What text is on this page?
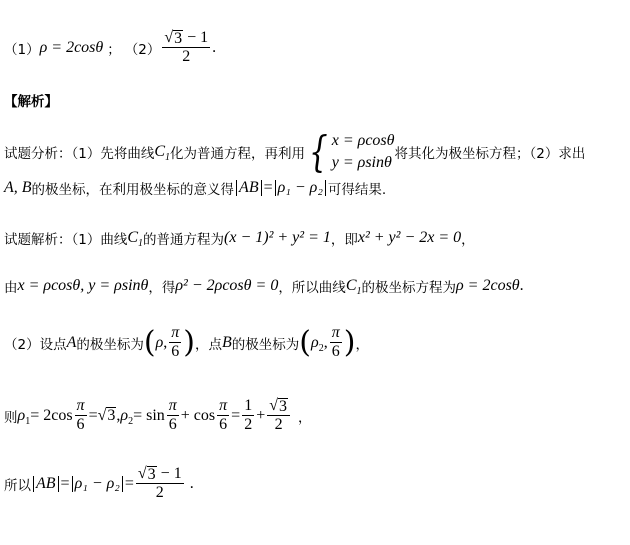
（1） ρ = 2cosθ ； $(2) \frac{√ 3 - 1}{2}$ .
【解析】
试题分析：（1）先将曲线 $C_1$ 化为普通方程，再利用 { x = ρcosθ
y = ρsinθ 将其化为极坐标方程；（2）求出
A, B 的极坐标，在利用极坐标的意义得 AB = ρ₁ − ρ₂ 可得结果.
试题解析：（1）曲线 $C_1$ 的普通方程为 (x − 1)² + y² = 1 ，即 x² + y² − 2x = 0 ，
由 x = ρcosθ, y = ρsinθ ，得 ρ² − 2ρcosθ = 0 ，所以曲线 $C_1$ 的极坐标方程为 ρ = 2cosθ .
（2）设点 A 的极坐标为 ( ρ , $\frac{\pi}{6}$ ) ，点 B 的极坐标为 ( $\rho_2$ , $\frac{\pi}{6}$ ) ，
则 $\rho_1 = 2\cos \frac{\pi}{6}$ = √ 3 , $\rho_2 = \sin \frac{\pi}{6} + \cos \frac{\pi}{6} = \frac{1}{2} + \frac{√ 3}{2}$ ，
所以 AB = $\rho_1 - \rho_2 = \frac{√ 3 - 1}{2}$ .
